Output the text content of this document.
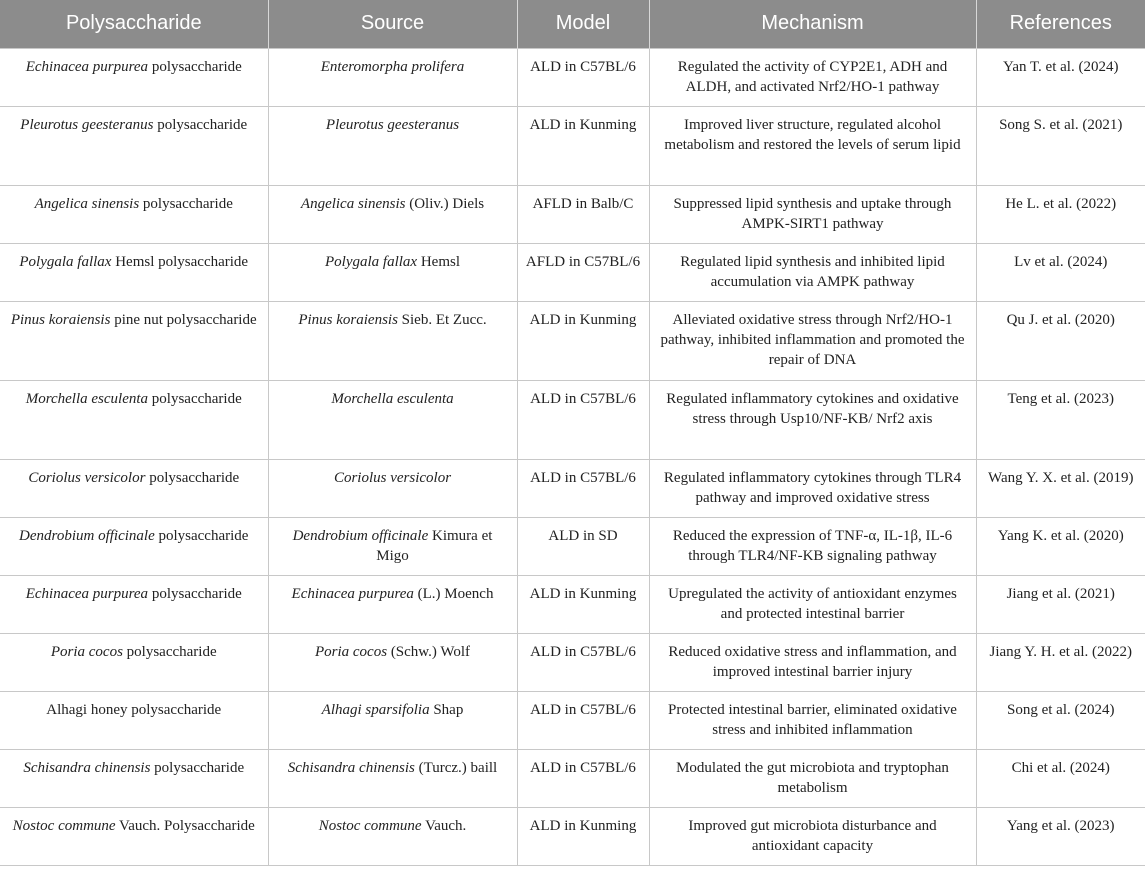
Polysaccharide	Source	Model	Mechanism	References
Echinacea purpurea polysaccharide	Enteromorpha prolifera	ALD in C57BL/6	Regulated the activity of CYP2E1, ADH and ALDH, and activated Nrf2/HO-1 pathway	Yan T. et al. (2024)
Pleurotus geesteranus polysaccharide	Pleurotus geesteranus	ALD in Kunming	Improved liver structure, regulated alcohol metabolism and restored the levels of serum lipid	Song S. et al. (2021)
Angelica sinensis polysaccharide	Angelica sinensis (Oliv.) Diels	AFLD in Balb/C	Suppressed lipid synthesis and uptake through AMPK-SIRT1 pathway	He L. et al. (2022)
Polygala fallax Hemsl polysaccharide	Polygala fallax Hemsl	AFLD in C57BL/6	Regulated lipid synthesis and inhibited lipid accumulation via AMPK pathway	Lv et al. (2024)
Pinus koraiensis pine nut polysaccharide	Pinus koraiensis Sieb. Et Zucc.	ALD in Kunming	Alleviated oxidative stress through Nrf2/HO-1 pathway, inhibited inflammation and promoted the repair of DNA	Qu J. et al. (2020)
Morchella esculenta polysaccharide	Morchella esculenta	ALD in C57BL/6	Regulated inflammatory cytokines and oxidative stress through Usp10/NF-KB/ Nrf2 axis	Teng et al. (2023)
Coriolus versicolor polysaccharide	Coriolus versicolor	ALD in C57BL/6	Regulated inflammatory cytokines through TLR4 pathway and improved oxidative stress	Wang Y. X. et al. (2019)
Dendrobium officinale polysaccharide	Dendrobium officinale Kimura et Migo	ALD in SD	Reduced the expression of TNF-α, IL-1β, IL-6 through TLR4/NF-KB signaling pathway	Yang K. et al. (2020)
Echinacea purpurea polysaccharide	Echinacea purpurea (L.) Moench	ALD in Kunming	Upregulated the activity of antioxidant enzymes and protected intestinal barrier	Jiang et al. (2021)
Poria cocos polysaccharide	Poria cocos (Schw.) Wolf	ALD in C57BL/6	Reduced oxidative stress and inflammation, and improved intestinal barrier injury	Jiang Y. H. et al. (2022)
Alhagi honey polysaccharide	Alhagi sparsifolia Shap	ALD in C57BL/6	Protected intestinal barrier, eliminated oxidative stress and inhibited inflammation	Song et al. (2024)
Schisandra chinensis polysaccharide	Schisandra chinensis (Turcz.) baill	ALD in C57BL/6	Modulated the gut microbiota and tryptophan metabolism	Chi et al. (2024)
Nostoc commune Vauch. Polysaccharide	Nostoc commune Vauch.	ALD in Kunming	Improved gut microbiota disturbance and antioxidant capacity	Yang et al. (2023)
